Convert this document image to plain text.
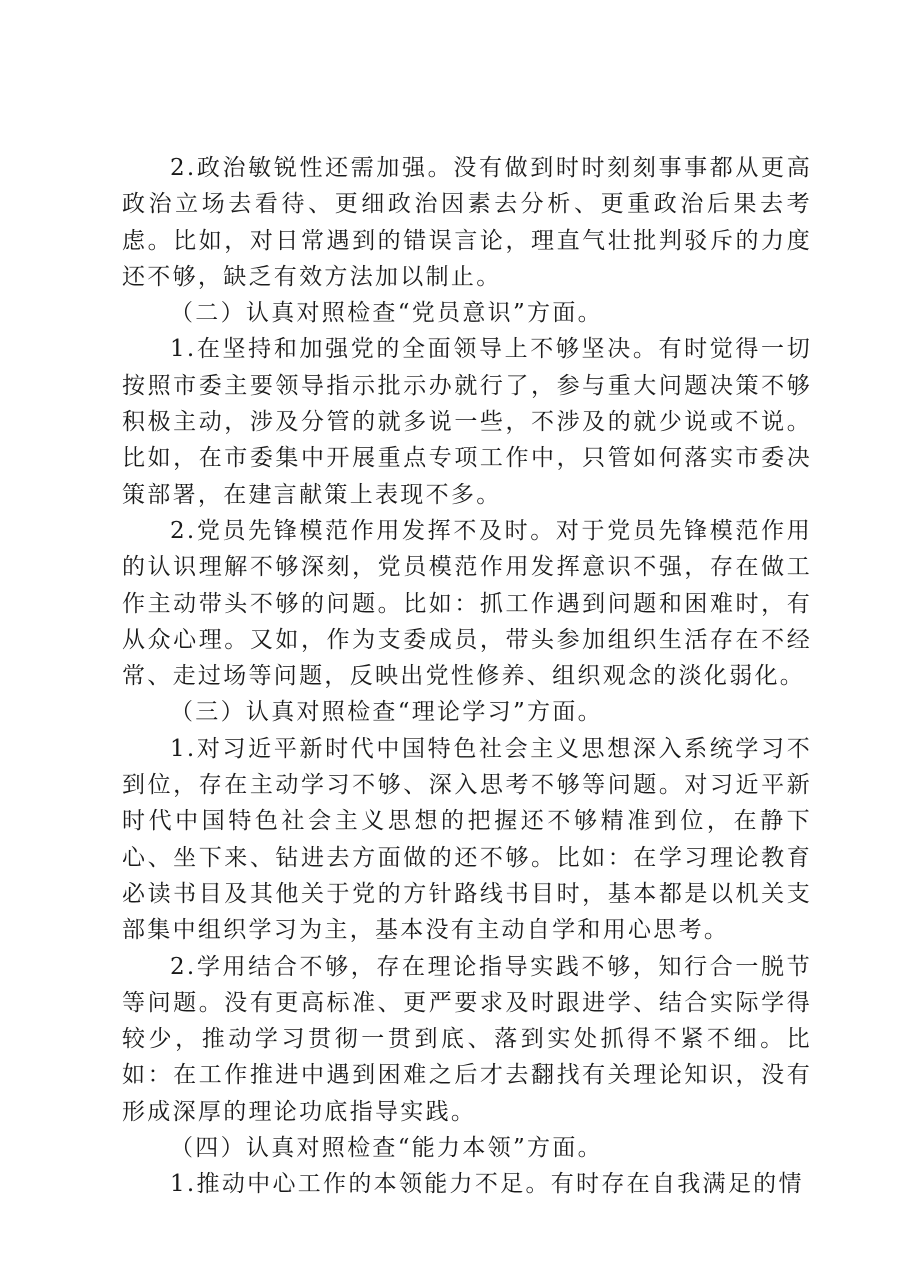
2.政治敏锐性还需加强。没有做到时时刻刻事事都从更高政治立场去看待、更细政治因素去分析、更重政治后果去考虑。比如，对日常遇到的错误言论，理直气壮批判驳斥的力度还不够，缺乏有效方法加以制止。

（二）认真对照检查“党员意识”方面。

1.在坚持和加强党的全面领导上不够坚决。有时觉得一切按照市委主要领导指示批示办就行了，参与重大问题决策不够积极主动，涉及分管的就多说一些，不涉及的就少说或不说。比如，在市委集中开展重点专项工作中，只管如何落实市委决策部署，在建言献策上表现不多。

2.党员先锋模范作用发挥不及时。对于党员先锋模范作用的认识理解不够深刻，党员模范作用发挥意识不强，存在做工作主动带头不够的问题。比如：抓工作遇到问题和困难时，有从众心理。又如，作为支委成员，带头参加组织生活存在不经常、走过场等问题，反映出党性修养、组织观念的淡化弱化。

（三）认真对照检查“理论学习”方面。

1.对习近平新时代中国特色社会主义思想深入系统学习不到位，存在主动学习不够、深入思考不够等问题。对习近平新时代中国特色社会主义思想的把握还不够精准到位，在静下心、坐下来、钻进去方面做的还不够。比如：在学习理论教育必读书目及其他关于党的方针路线书目时，基本都是以机关支部集中组织学习为主，基本没有主动自学和用心思考。

2.学用结合不够，存在理论指导实践不够，知行合一脱节等问题。没有更高标准、更严要求及时跟进学、结合实际学得较少，推动学习贯彻一贯到底、落到实处抓得不紧不细。比如：在工作推进中遇到困难之后才去翻找有关理论知识，没有形成深厚的理论功底指导实践。

（四）认真对照检查“能力本领”方面。

1.推动中心工作的本领能力不足。有时存在自我满足的情
